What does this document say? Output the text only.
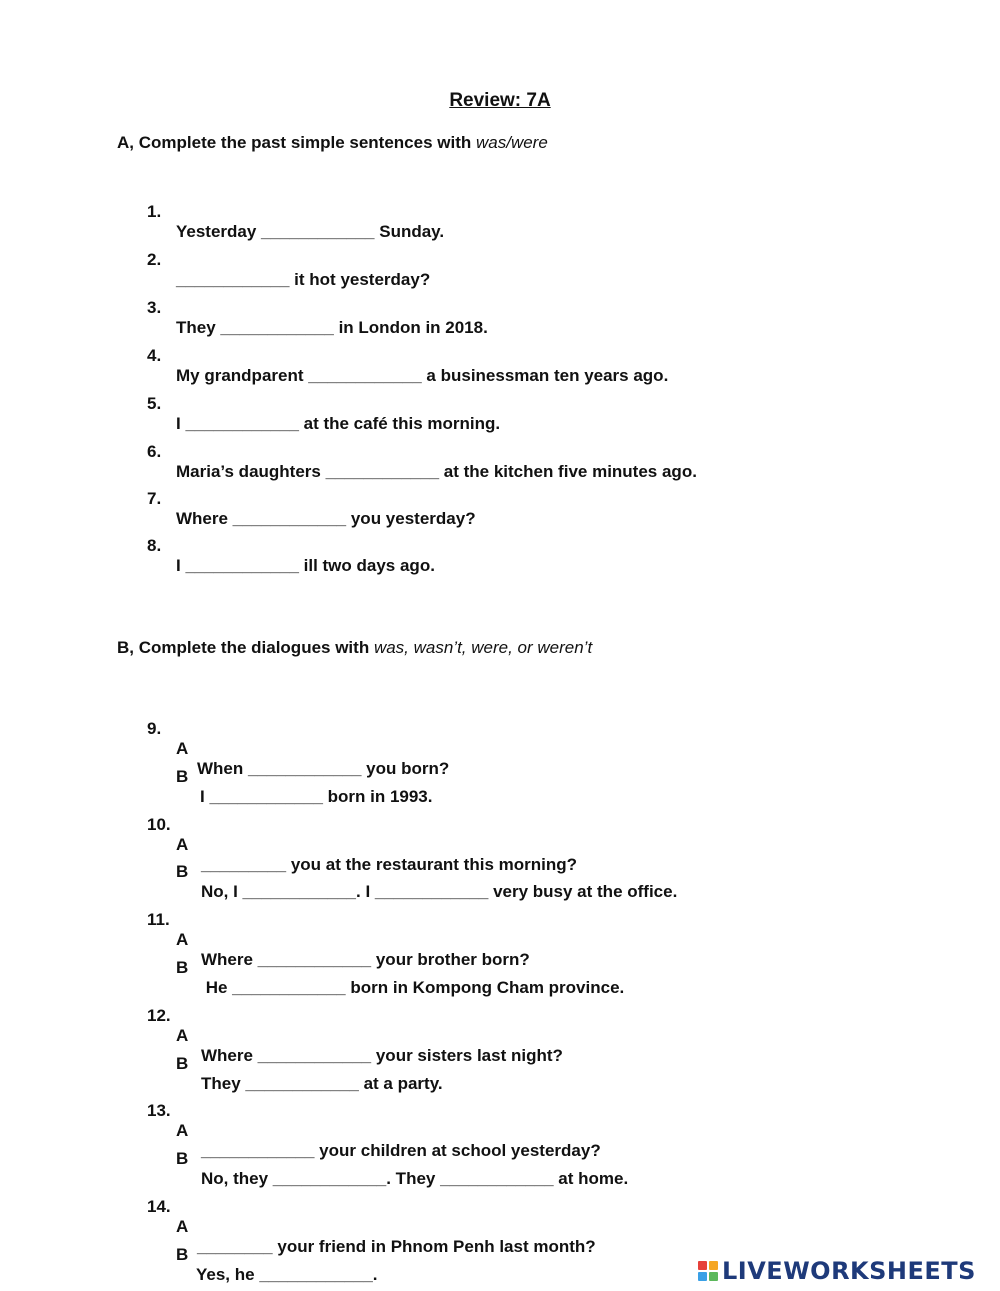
Review: 7A
A, Complete the past simple sentences with was/were

1.

Yesterday ____________ Sunday.

2.

____________ it hot yesterday?

3.

They ____________ in London in 2018.

4.

My grandparent ____________ a businessman ten years ago.

5.

I ____________ at the café this morning.

6.

Maria’s daughters ____________ at the kitchen five minutes ago.

7.

Where ____________ you yesterday?

8.

I ____________ ill two days ago.

B, Complete the dialogues with was, wasn’t, were, or weren’t

9.

A

When ____________ you born?

B

I ____________ born in 1993.

10.

A

_________ you at the restaurant this morning?

B

No, I ____________. I ____________ very busy at the office.

11.

A

Where ____________ your brother born?

B

He ____________ born in Kompong Cham province.

12.

A

Where ____________ your sisters last night?

B

They ____________ at a party.

13.

A

____________ your children at school yesterday?

B

No, they ____________. They ____________ at home.

14.

A

________ your friend in Phnom Penh last month?

B

Yes, he ____________.	LIVEWORKSHEETS
